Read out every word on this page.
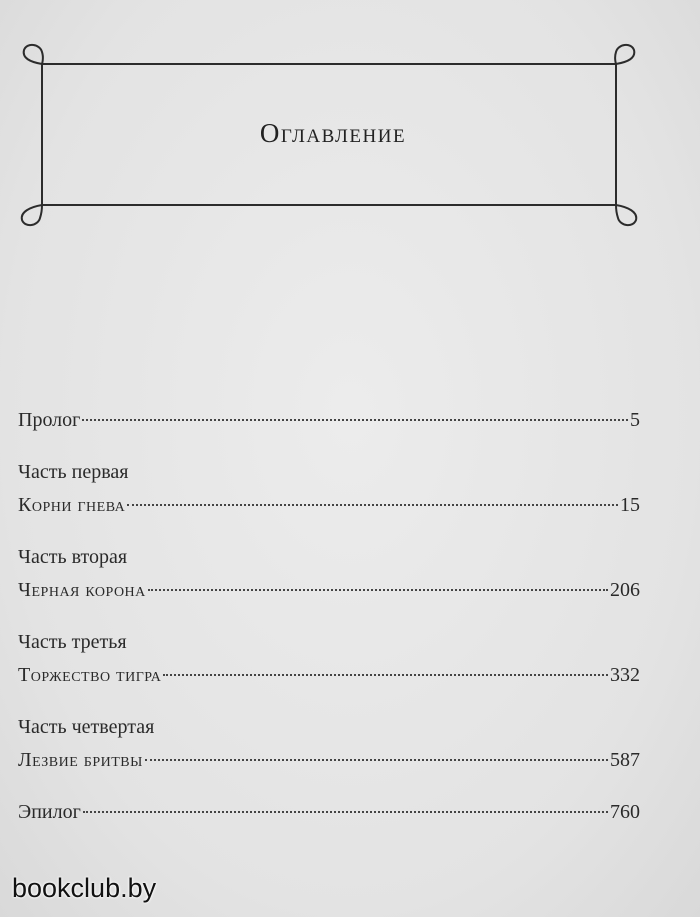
Оглавление
Пролог	5
Часть первая
Корни гнева	15
Часть вторая
Черная корона	206
Часть третья
Торжество тигра	332
Часть четвертая
Лезвие бритвы	587
Эпилог	760
bookclub.by
